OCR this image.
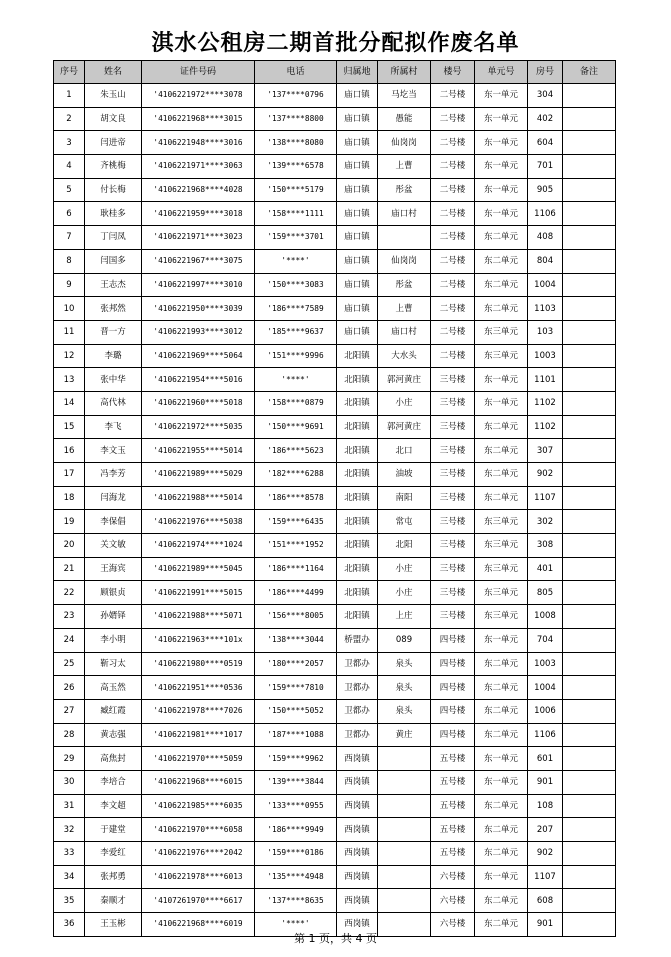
淇水公租房二期首批分配拟作废名单
序号	姓名	证件号码	电话	归属地	所属村	楼号	单元号	房号	备注
1	朱玉山	'4106221972****3078	'137****0796	庙口镇	马圪当	二号楼	东一单元	304	
2	胡文良	'4106221968****3015	'137****8800	庙口镇	愚能	二号楼	东一单元	402	
3	闫进帝	'4106221948****3016	'138****8080	庙口镇	仙岗岗	二号楼	东一单元	604	
4	齐桃梅	'4106221971****3063	'139****6578	庙口镇	上曹	二号楼	东一单元	701	
5	付长梅	'4106221968****4028	'150****5179	庙口镇	彤盆	二号楼	东一单元	905	
6	耿桂多	'4106221959****3018	'158****1111	庙口镇	庙口村	二号楼	东一单元	1106	
7	丁闫凤	'4106221971****3023	'159****3701	庙口镇		二号楼	东二单元	408	
8	闫国多	'4106221967****3075	'****'	庙口镇	仙岗岗	二号楼	东二单元	804	
9	王志杰	'4106221997****3010	'150****3083	庙口镇	彤盆	二号楼	东二单元	1004	
10	张邦然	'4106221950****3039	'186****7589	庙口镇	上曹	二号楼	东二单元	1103	
11	晋一方	'4106221993****3012	'185****9637	庙口镇	庙口村	二号楼	东三单元	103	
12	李璐	'4106221969****5064	'151****9996	北阳镇	大水头	二号楼	东三单元	1003	
13	张中华	'4106221954****5016	'****'	北阳镇	郭河黄庄	三号楼	东一单元	1101	
14	高代林	'4106221960****5018	'158****0879	北阳镇	小庄	三号楼	东一单元	1102	
15	李飞	'4106221972****5035	'150****9691	北阳镇	郭河黄庄	三号楼	东二单元	1102	
16	李文玉	'4106221955****5014	'186****5623	北阳镇	北口	三号楼	东二单元	307	
17	冯李芳	'4106221989****5029	'182****6288	北阳镇	油坡	三号楼	东二单元	902	
18	闫海龙	'4106221988****5014	'186****8578	北阳镇	南阳	三号楼	东二单元	1107	
19	李保倡	'4106221976****5038	'159****6435	北阳镇	常屯	三号楼	东三单元	302	
20	关文敏	'4106221974****1024	'151****1952	北阳镇	北阳	三号楼	东三单元	308	
21	王海宾	'4106221989****5045	'186****1164	北阳镇	小庄	三号楼	东三单元	401	
22	顾银贞	'4106221991****5015	'186****4499	北阳镇	小庄	三号楼	东三单元	805	
23	孙婿铎	'4106221988****5071	'156****8005	北阳镇	上庄	三号楼	东三单元	1008	
24	李小明	'4106221963****101x	'138****3044	桥盟办	089	四号楼	东一单元	704	
25	靳习太	'4106221980****0519	'180****2057	卫都办	泉头	四号楼	东二单元	1003	
26	高玉然	'4106221951****0536	'159****7810	卫都办	泉头	四号楼	东二单元	1004	
27	臧红霞	'4106221978****7026	'150****5052	卫都办	泉头	四号楼	东二单元	1006	
28	黄志强	'4106221981****1017	'187****1088	卫都办	黄庄	四号楼	东二单元	1106	
29	高焦封	'4106221970****5059	'159****9962	西岗镇		五号楼	东一单元	601	
30	李培合	'4106221968****6015	'139****3844	西岗镇		五号楼	东一单元	901	
31	李文超	'4106221985****6035	'133****0955	西岗镇		五号楼	东二单元	108	
32	于建堂	'4106221970****6058	'186****9949	西岗镇		五号楼	东二单元	207	
33	李爱红	'4106221976****2042	'159****0186	西岗镇		五号楼	东二单元	902	
34	张邦勇	'4106221978****6013	'135****4948	西岗镇		六号楼	东一单元	1107	
35	秦顺才	'4107261970****6617	'137****8635	西岗镇		六号楼	东二单元	608	
36	王玉彬	'4106221968****6019	'****'	西岗镇		六号楼	东二单元	901	
第 1 页，共 4 页
